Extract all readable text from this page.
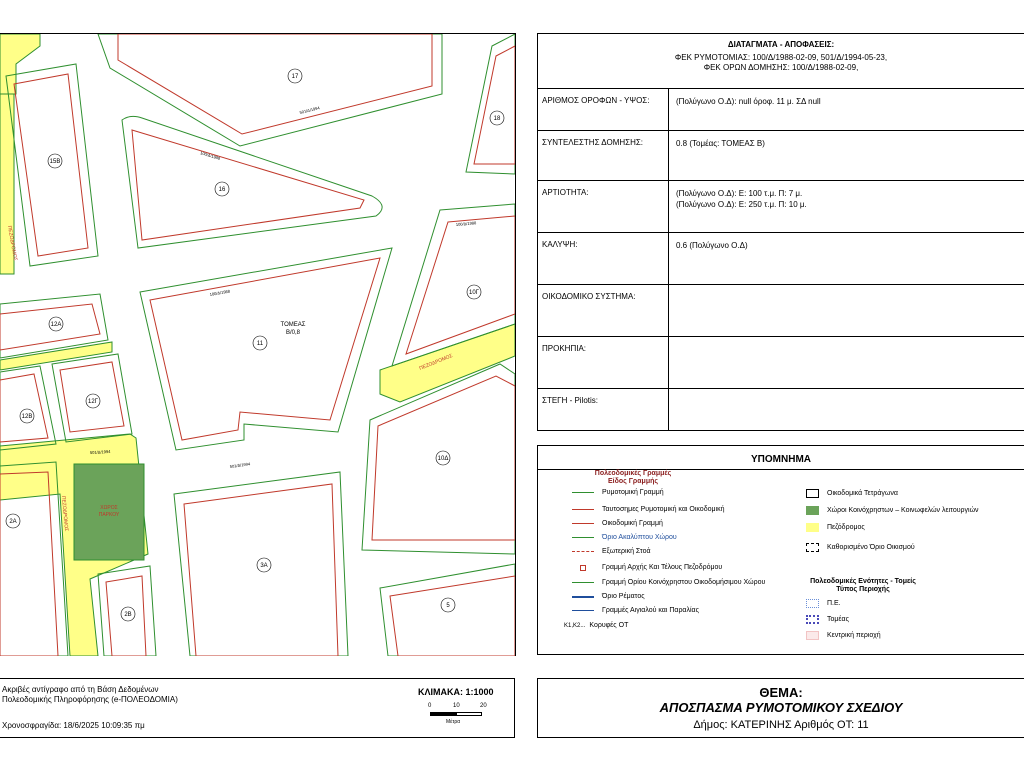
ΧΩΡΟΣ
ΠΑΡΚΟΥ
17
18
15Β
16
10Γ
12Α
11
12Β
12Γ
10Δ
2Α
3Α
2Β
5
ΤΟΜΕΑΣ
Β/0,8
ΠΕΖΟΔΡΟΜΟΣ
ΠΕΖΟΔΡΟΜΟΣ
ΠΕΖΟΔΡΟΜΟΣ
501/Δ/1994
100/Δ/1988
100/Δ/1988
501/Δ/1994
100/Δ/1988
501/Δ/1994
ΔΙΑΤΑΓΜΑΤΑ - ΑΠΟΦΑΣΕΙΣ:
ΦΕΚ ΡΥΜΟΤΟΜΙΑΣ: 100/Δ/1988-02-09, 501/Δ/1994-05-23,
ΦΕΚ ΟΡΩΝ ΔΟΜΗΣΗΣ: 100/Δ/1988-02-09,
ΑΡΙΘΜΟΣ ΟΡΟΦΩΝ - ΥΨΟΣ:	(Πολύγωνο Ο.Δ): null όροφ. 11 μ. ΣΔ null
ΣΥΝΤΕΛΕΣΤΗΣ ΔΟΜΗΣΗΣ:	0.8 (Τομέας: ΤΟΜΕΑΣ Β)
ΑΡΤΙΟΤΗΤΑ:	(Πολύγωνο Ο.Δ): Ε: 100 τ.μ. Π: 7 μ.
(Πολύγωνο Ο.Δ): Ε: 250 τ.μ. Π: 10 μ.
ΚΑΛΥΨΗ:	0.6 (Πολύγωνο Ο.Δ)
ΟΙΚΟΔΟΜΙΚΟ ΣΥΣΤΗΜΑ:
ΠΡΟΚΗΠΙΑ:
ΣΤΕΓΗ - Pilotis:
ΥΠΟΜΝΗΜΑ
Πολεοδομικές Γραμμές
Είδος Γραμμής
Ρυμοτομική Γραμμή
Ταυτοσημες Ρυμοτομική και Οικοδομική
Οικοδομική Γραμμή
Όριο Ακαλύπτου Χώρου
Εξωτερική Στοά
Γραμμή Αρχής Και Τέλους Πεζοδρόμου
Γραμμή Ορίου Κοινόχρηστου Οικοδομήσιμου Χώρου
Όριο Ρέματος
Γραμμές Αιγιαλού και Παραλίας
Κ1,Κ2... Κορυφές ΟΤ
Οικοδομικά Τετράγωνα
Χώροι Κοινόχρηστων – Κοινωφελών λειτουργιών
Πεζόδρομος
Καθορισμένο Όριο Οικισμού
Πολεοδομικές Ενότητες - Τομείς
Τύπος Περιοχής
Π.Ε.
Τομέας
Κεντρική περιοχή
Ακριβές αντίγραφο από τη Βάση Δεδομένων
Πολεοδομικής Πληροφόρησης (e-ΠΟΛΕΟΔΟΜΙΑ)
Χρονοσφραγίδα: 18/6/2025 10:09:35 πμ
ΚΛΙΜΑΚΑ: 1:1000
0	10	20
Μέτρα
ΘΕΜΑ:
ΑΠΟΣΠΑΣΜΑ ΡΥΜΟΤΟΜΙΚΟΥ ΣΧΕΔΙΟΥ
Δήμος: ΚΑΤΕΡΙΝΗΣ Αριθμός ΟΤ: 11
